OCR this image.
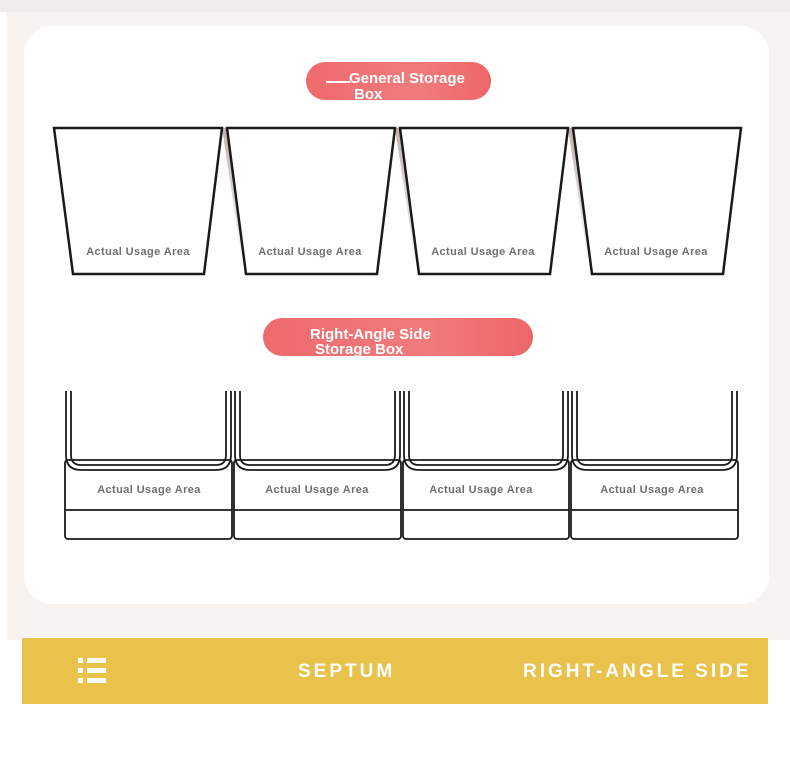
General Storage
Box
Right-Angle Side
Storage Box
Actual Usage Area	Actual Usage Area	Actual Usage Area	Actual Usage Area
Actual Usage Area	Actual Usage Area	Actual Usage Area	Actual Usage Area
SEPTUM	RIGHT-ANGLE SIDE
